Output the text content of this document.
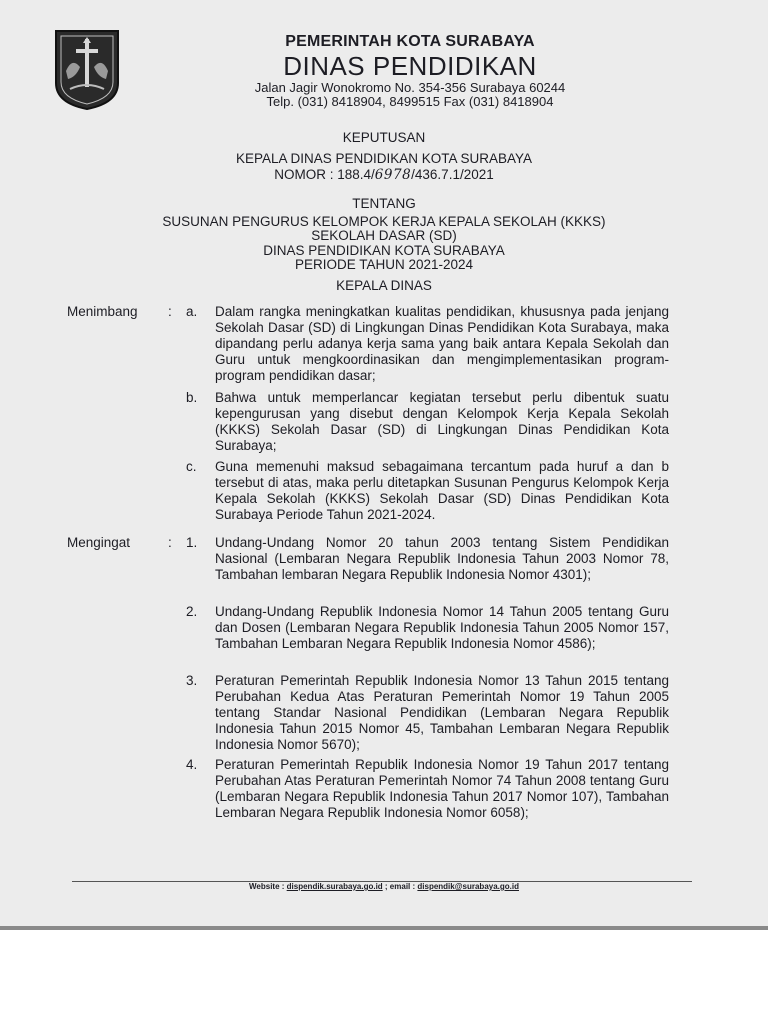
PEMERINTAH KOTA SURABAYA
DINAS PENDIDIKAN
Jalan Jagir Wonokromo No. 354-356 Surabaya 60244
Telp. (031) 8418904, 8499515 Fax (031) 8418904
KEPUTUSAN
KEPALA DINAS PENDIDIKAN KOTA SURABAYA
NOMOR : 188.4/6978/436.7.1/2021
TENTANG
SUSUNAN PENGURUS KELOMPOK KERJA KEPALA SEKOLAH (KKKS)
SEKOLAH DASAR (SD)
DINAS PENDIDIKAN KOTA SURABAYA
PERIODE TAHUN 2021-2024
KEPALA DINAS
Menimbang : a. Dalam rangka meningkatkan kualitas pendidikan, khususnya pada jenjang Sekolah Dasar (SD) di Lingkungan Dinas Pendidikan Kota Surabaya, maka dipandang perlu adanya kerja sama yang baik antara Kepala Sekolah dan Guru untuk mengkoordinasikan dan mengimplementasikan program-program pendidikan dasar;
b. Bahwa untuk memperlancar kegiatan tersebut perlu dibentuk suatu kepengurusan yang disebut dengan Kelompok Kerja Kepala Sekolah (KKKS) Sekolah Dasar (SD) di Lingkungan Dinas Pendidikan Kota Surabaya;
c. Guna memenuhi maksud sebagaimana tercantum pada huruf a dan b tersebut di atas, maka perlu ditetapkan Susunan Pengurus Kelompok Kerja Kepala Sekolah (KKKS) Sekolah Dasar (SD) Dinas Pendidikan Kota Surabaya Periode Tahun 2021-2024.
Mengingat	: 1. Undang-Undang Nomor 20 tahun 2003 tentang Sistem Pendidikan Nasional (Lembaran Negara Republik Indonesia Tahun 2003 Nomor 78, Tambahan lembaran Negara Republik Indonesia Nomor 4301);
2. Undang-Undang Republik Indonesia Nomor 14 Tahun 2005 tentang Guru dan Dosen (Lembaran Negara Republik Indonesia Tahun 2005 Nomor 157, Tambahan Lembaran Negara Republik Indonesia Nomor 4586);
3. Peraturan Pemerintah Republik Indonesia Nomor 13 Tahun 2015 tentang Perubahan Kedua Atas Peraturan Pemerintah Nomor 19 Tahun 2005 tentang Standar Nasional Pendidikan (Lembaran Negara Republik Indonesia Tahun 2015 Nomor 45, Tambahan Lembaran Negara Republik Indonesia Nomor 5670);
4. Peraturan Pemerintah Republik Indonesia Nomor 19 Tahun 2017 tentang Perubahan Atas Peraturan Pemerintah Nomor 74 Tahun 2008 tentang Guru (Lembaran Negara Republik Indonesia Tahun 2017 Nomor 107), Tambahan Lembaran Negara Republik Indonesia Nomor 6058);
Website : dispendik.surabaya.go.id ; email : dispendik@surabaya.go.id
